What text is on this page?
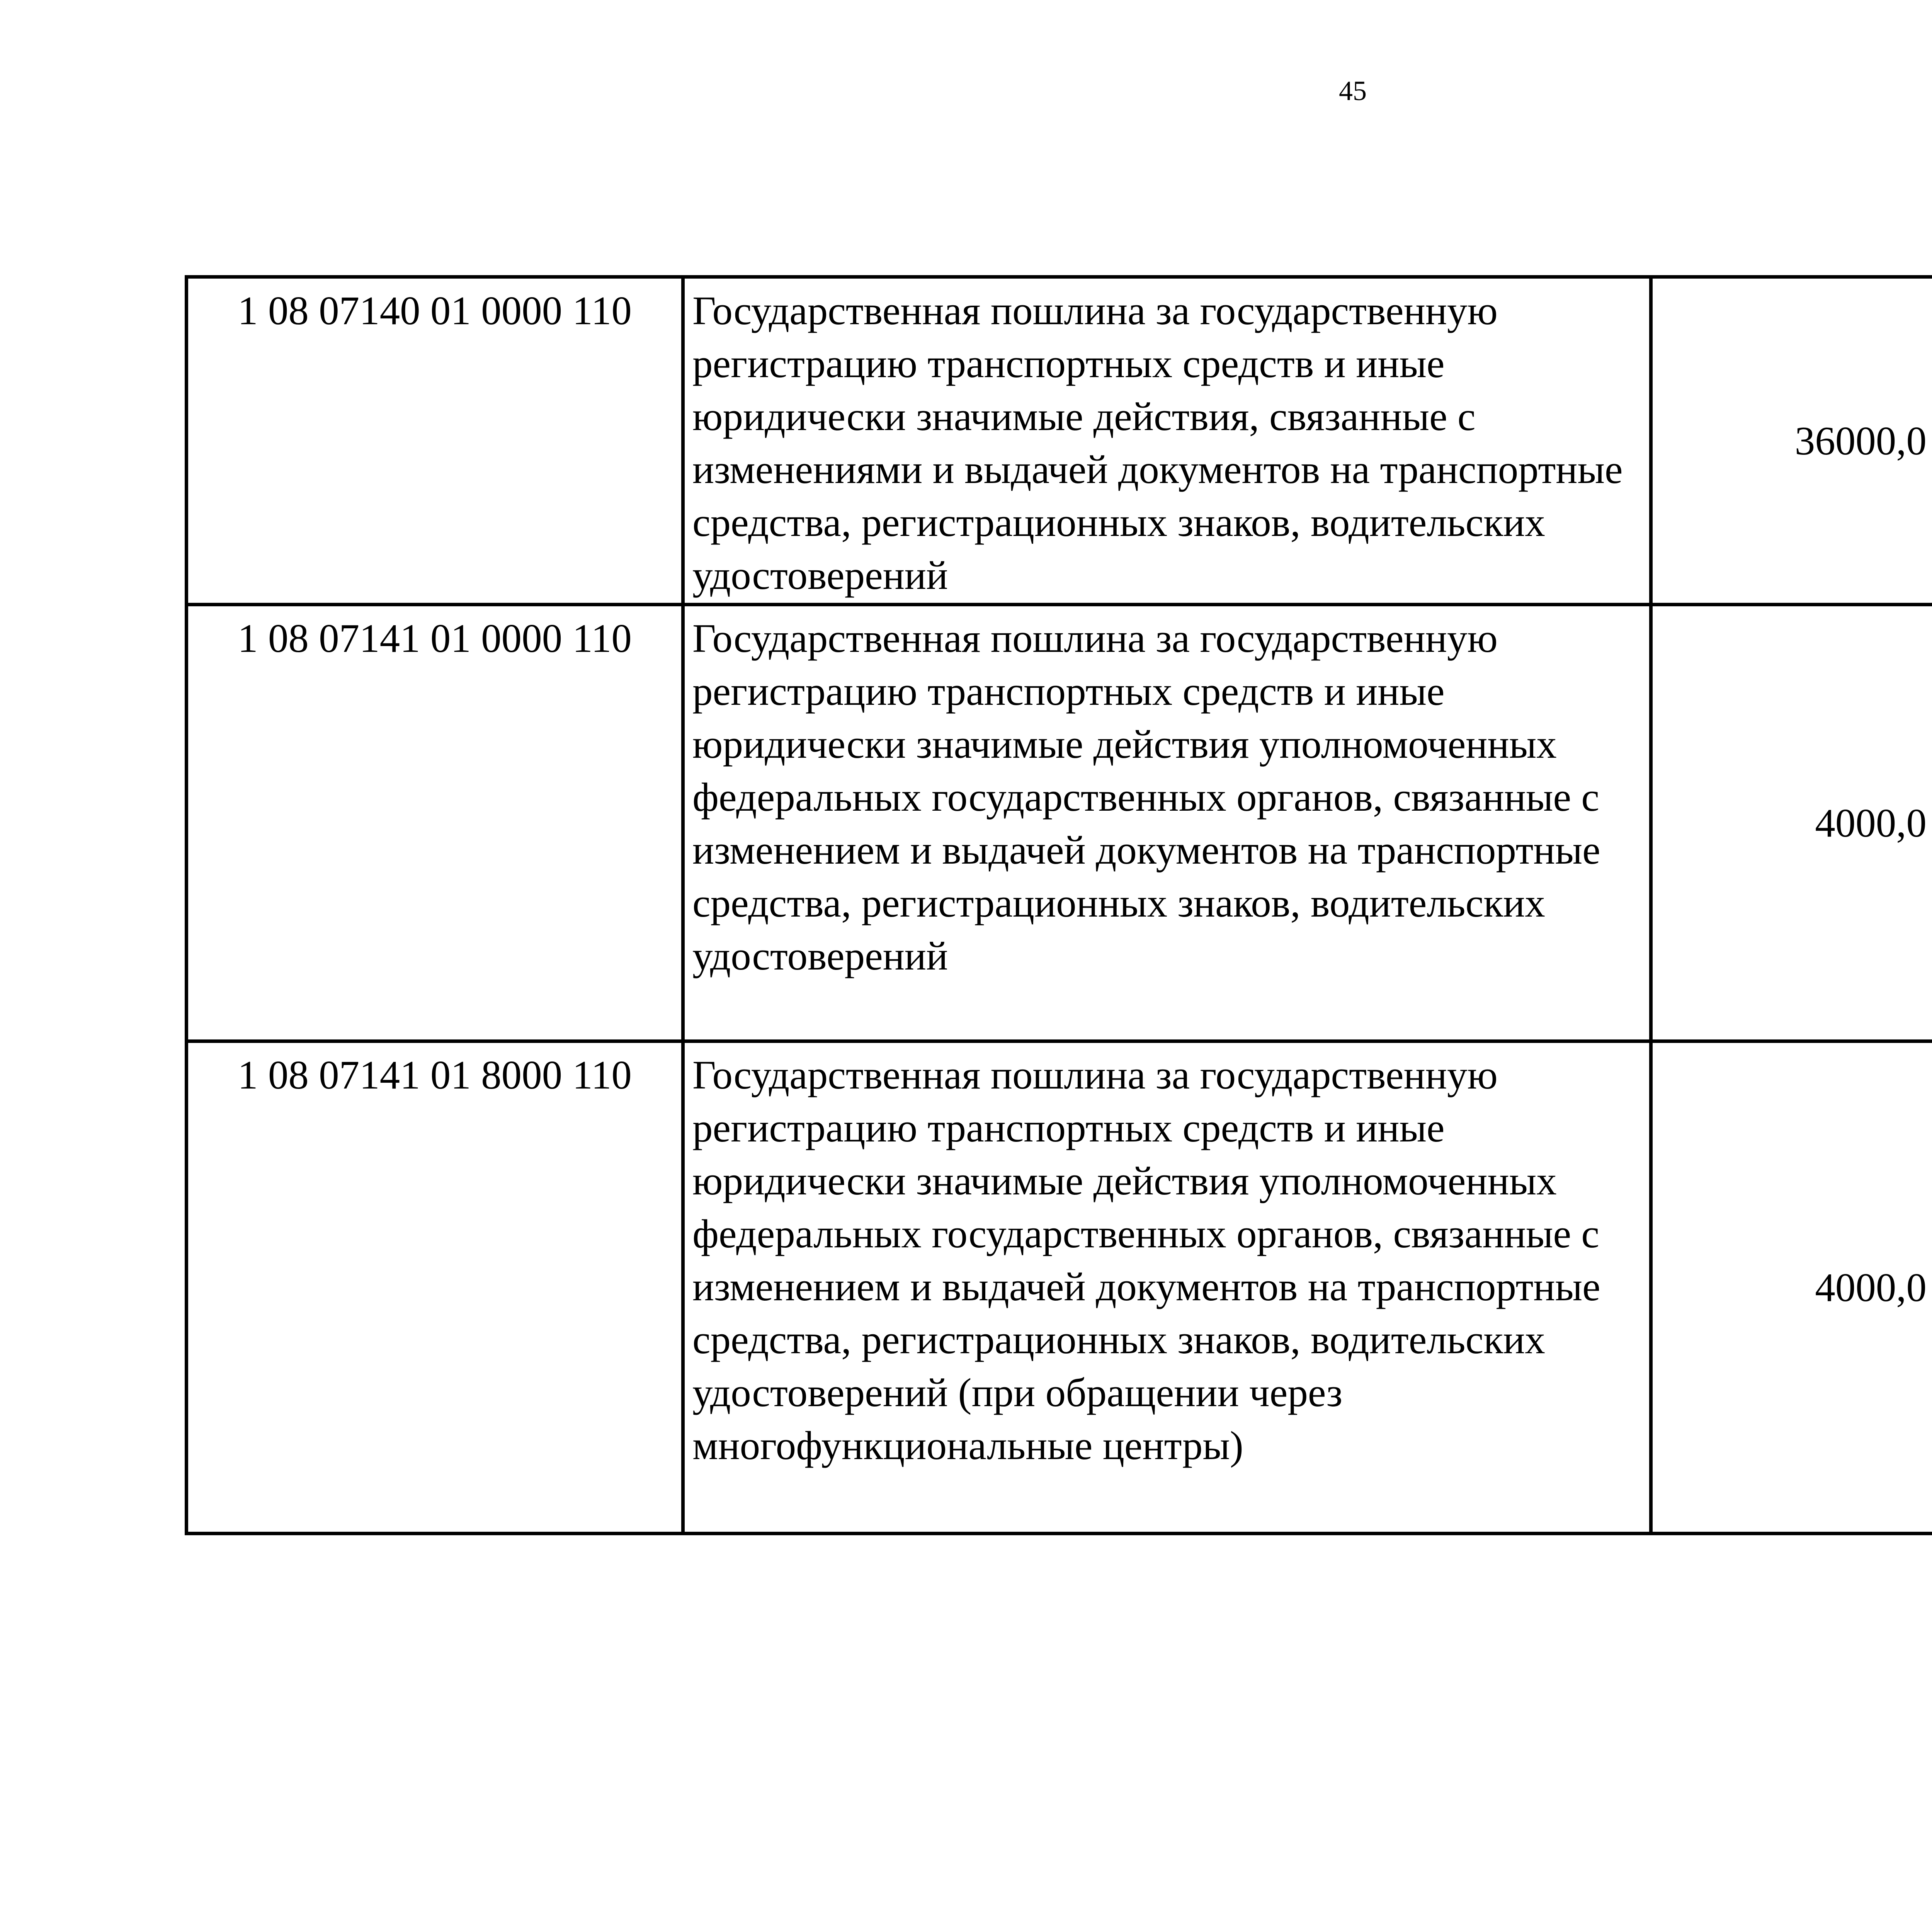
45
1 08 07140 01 0000 110	Государственная пошлина за государственную регистрацию транспортных средств и иные юридически значимые действия, связанные с изменениями и выдачей документов на транспортные средства, регистрационных знаков, водительских удостоверений	36000,0		
1 08 07141 01 0000 110	Государственная пошлина за государственную регистрацию транспортных средств и иные юридически значимые действия уполномоченных федеральных государственных органов, связанные с изменением и выдачей документов на транспортные средства, регистрационных знаков, водительских удостоверений	4000,0		
1 08 07141 01 8000 110	Государственная пошлина за государственную регистрацию транспортных средств и иные юридически значимые действия уполномоченных федеральных государственных органов, связанные с изменением и выдачей документов на транспортные средства, регистрационных знаков, водительских удостоверений (при обращении через многофункциональные центры)	4000,0		
